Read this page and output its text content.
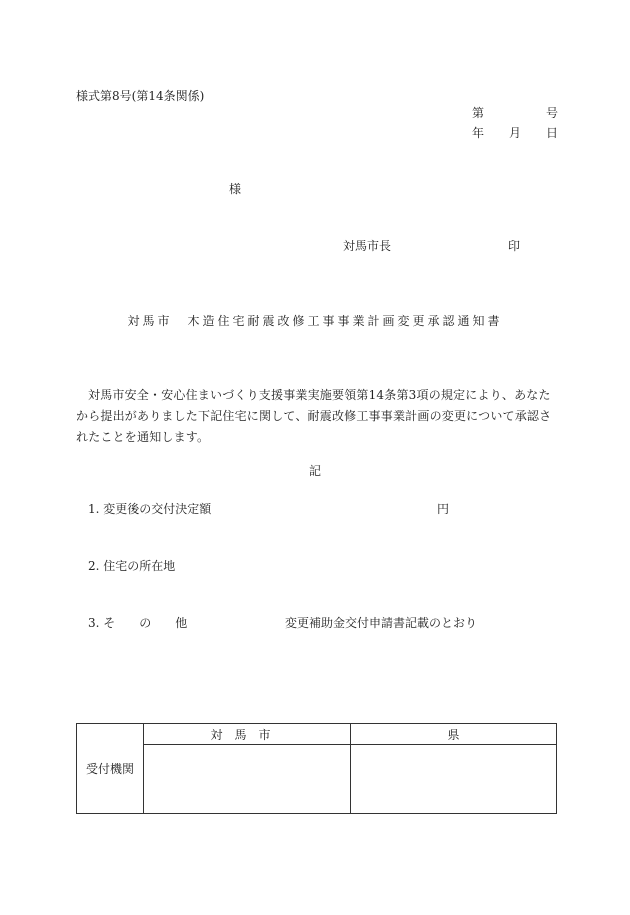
様式第8号(第14条関係)
第	号
年 月 日
様
対馬市長	印
対馬市　木造住宅耐震改修工事事業計画変更承認通知書
対馬市安全・安心住まいづくり支援事業実施要領第14条第3項の規定により、あなたから提出がありました下記住宅に関して、耐震改修工事事業計画の変更について承認されたことを通知します。
記
1. 変更後の交付決定額	円
2. 住宅の所在地
3. そ　　の　　他	変更補助金交付申請書記載のとおり
受付機関
対馬市	県
